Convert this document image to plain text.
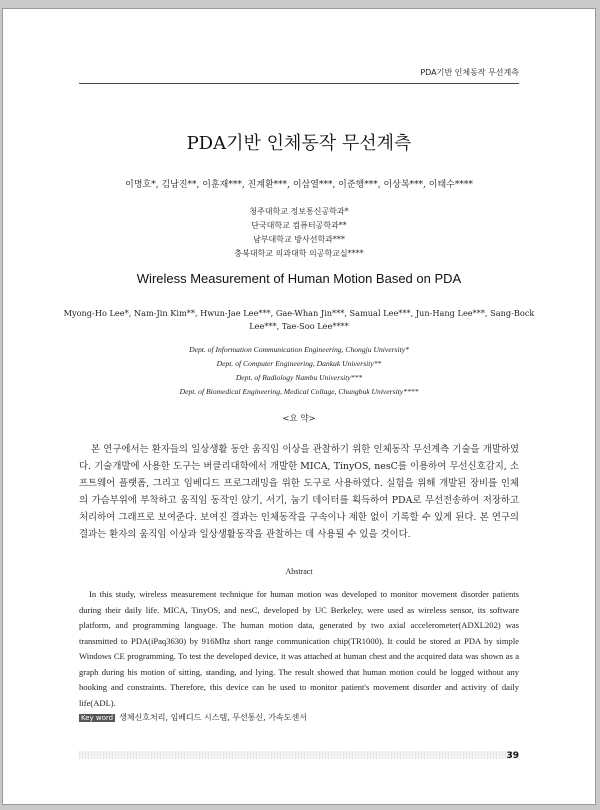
PDA기반 인체동작 무선계측
PDA기반 인체동작 무선계측
이명호*, 김남진**, 이훈재***, 진계환***, 이삼열***, 이준행***, 이상복***, 이태수****
청주대학교 정보통신공학과*
단국대학교 컴퓨터공학과**
남부대학교 방사선학과***
충북대학교 의과대학 의공학교실****
Wireless Measurement of Human Motion Based on PDA
Myong-Ho Lee*, Nam-Jin Kim**, Hwun-Jae Lee***, Gae-Whan Jin***, Samual Lee***, Jun-Hang Lee***, Sang-Bock Lee***, Tae-Soo Lee****
Dept. of Information Communication Engineering, Chongju University*
Dept. of Computer Engineering, Dankuk University**
Dept. of Radiology Nambu University***
Dept. of Biomedical Engineering, Medical Collage, Chungbuk University****
<요 약>

본 연구에서는 환자들의 일상생활 동안 움직임 이상을 관찰하기 위한 인체동작 무선계측 기술을 개발하였다. 기술개발에 사용한 도구는 버클리대학에서 개발한 MICA, TinyOS, nesC를 이용하여 무선신호감지, 소프트웨어 플랫폼, 그리고 임베디드 프로그래밍을 위한 도구로 사용하였다. 실험을 위해 개발된 장비를 인체의 가슴부위에 부착하고 움직임 동작인 앉기, 서기, 눕기 데이터를 획득하여 PDA로 무선전송하여 저장하고 처리하여 그래프로 보여준다. 보여진 결과는 인체동작을 구속이나 제한 없이 기록할 수 있게 된다. 본 연구의 결과는 환자의 움직임 이상과 일상생활동작을 관찰하는 데 사용될 수 있을 것이다.

Abstract

In this study, wireless measurement technique for human motion was developed to monitor movement disorder patients during their daily life. MICA, TinyOS, and nesC, developed by UC Berkeley, were used as wireless sensor, its software platform, and programming language. The human motion data, generated by two axial accelerometer(ADXL202) was transmitted to PDA(iPaq3630) by 916Mhz short range communication chip(TR1000). It could be stored at PDA by simple Windows CE programming. To test the developed device, it was attached at human chest and the acquired data was shown as a graph during his motion of sitting, standing, and lying. The result showed that human motion could be logged without any hooking and constraints. Therefore, this device can be used to monitor patient's movement disorder and activity of daily life(ADL).

Key word 생체신호처리, 임베디드 시스템, 무선통신, 가속도센서
39
